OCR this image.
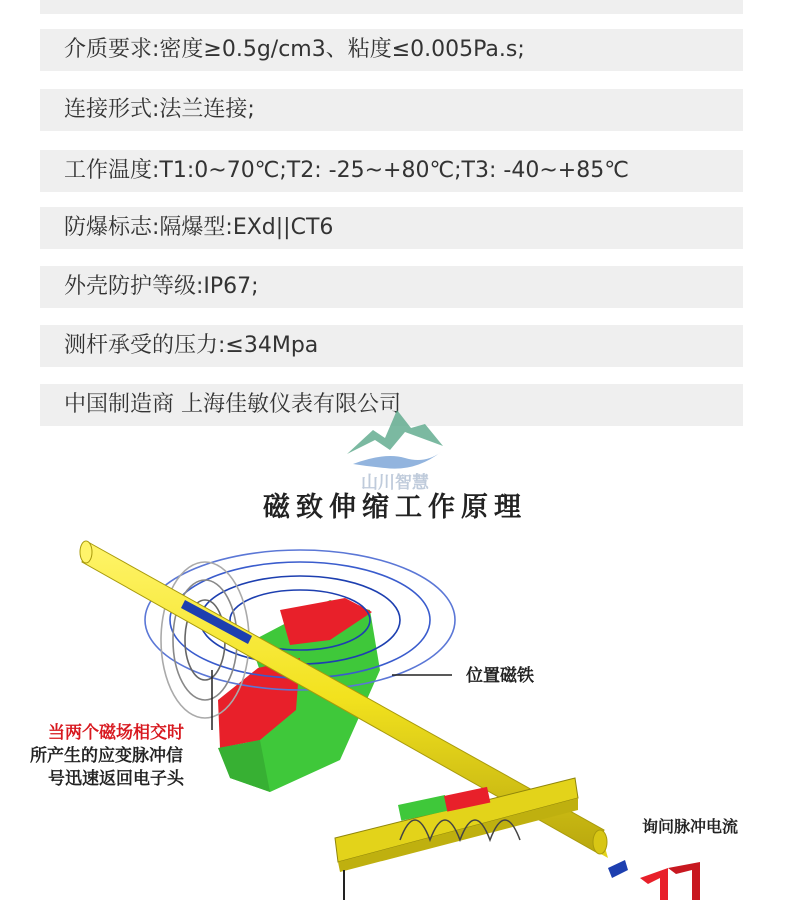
介质要求:密度≥0.5g/cm3、粘度≤0.005Pa.s;
连接形式:法兰连接;
工作温度:T1:0~70℃;T2: -25~+80℃;T3: -40~+85℃
防爆标志:隔爆型:EXd||CT6
外壳防护等级:IP67;
测杆承受的压力:≤34Mpa
中国制造商 上海佳敏仪表有限公司
磁致伸缩工作原理
位置磁铁
当两个磁场相交时
所产生的应变脉冲信
号迅速返回电子头
询问脉冲电流
山川智慧
